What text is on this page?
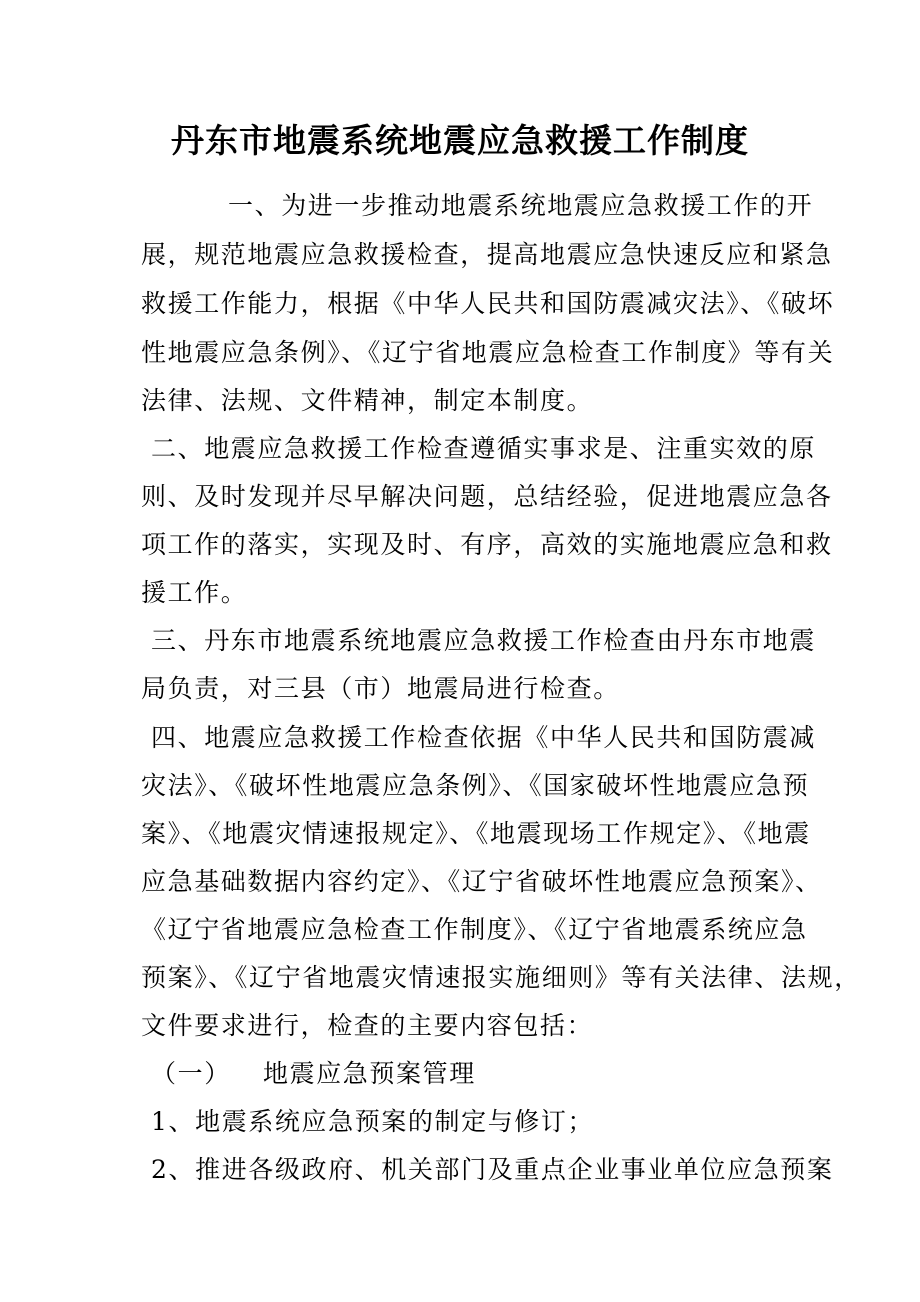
丹东市地震系统地震应急救援工作制度
一、为进一步推动地震系统地震应急救援工作的开
展，规范地震应急救援检查，提高地震应急快速反应和紧急
救援工作能力，根据《中华人民共和国防震减灾法》、《破坏
性地震应急条例》、《辽宁省地震应急检查工作制度》等有关
法律、法规、文件精神，制定本制度。
二、地震应急救援工作检查遵循实事求是、注重实效的原
则、及时发现并尽早解决问题，总结经验，促进地震应急各
项工作的落实，实现及时、有序，高效的实施地震应急和救
援工作。
三、丹东市地震系统地震应急救援工作检查由丹东市地震
局负责，对三县（市）地震局进行检查。
四、地震应急救援工作检查依据《中华人民共和国防震减
灾法》、《破坏性地震应急条例》、《国家破坏性地震应急预
案》、《地震灾情速报规定》、《地震现场工作规定》、《地震
应急基础数据内容约定》、《辽宁省破坏性地震应急预案》、
《辽宁省地震应急检查工作制度》、《辽宁省地震系统应急
预案》、《辽宁省地震灾情速报实施细则》等有关法律、法规，
文件要求进行，检查的主要内容包括：
（一） 地震应急预案管理
1、地震系统应急预案的制定与修订；
2、推进各级政府、机关部门及重点企业事业单位应急预案
